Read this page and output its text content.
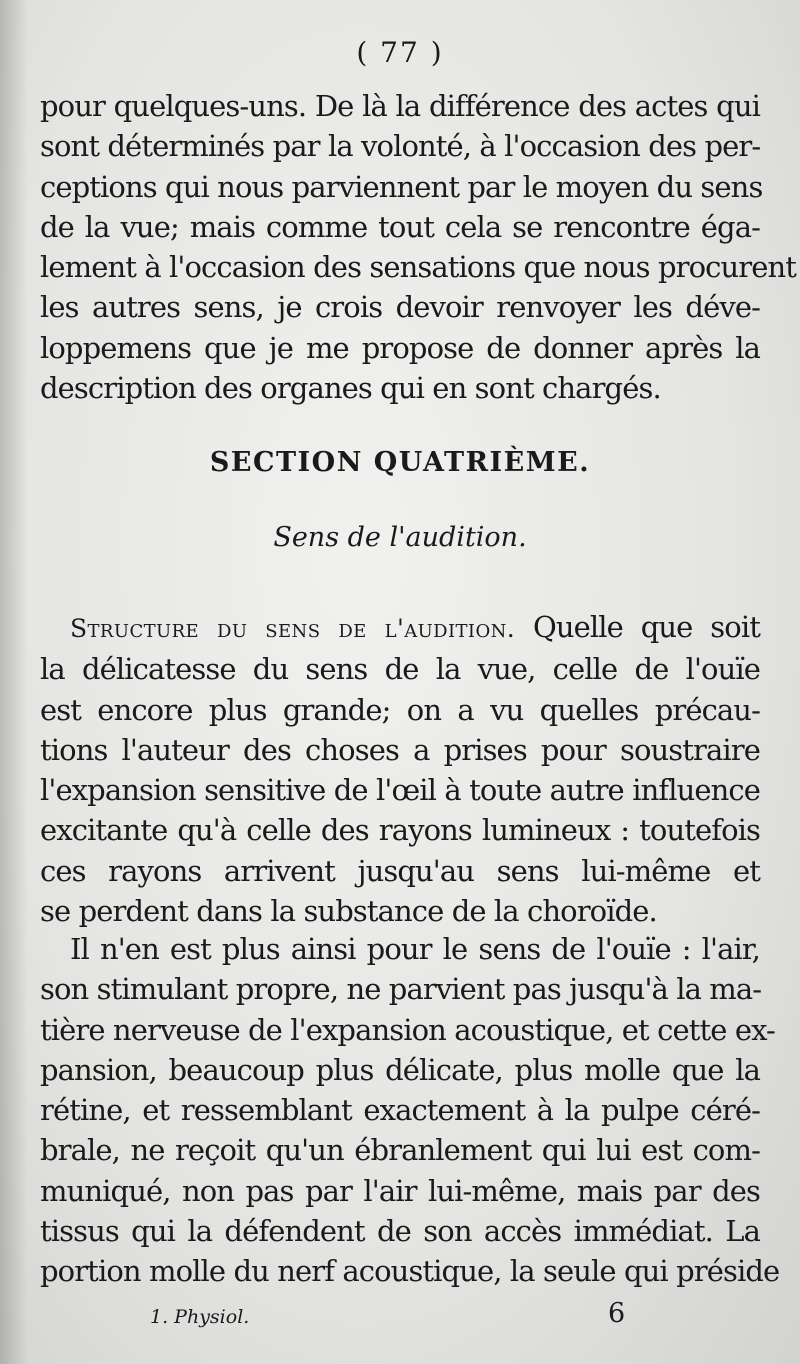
( 77 )
pour quelques-uns. De là la différence des actes qui
sont déterminés par la volonté, à l'occasion des per-
ceptions qui nous parviennent par le moyen du sens
de la vue; mais comme tout cela se rencontre éga-
lement à l'occasion des sensations que nous procurent
les autres sens, je crois devoir renvoyer les déve-
loppemens que je me propose de donner après la
description des organes qui en sont chargés.
SECTION QUATRIÈME.
Sens de l'audition.
Structure du sens de l'audition. Quelle que soit
la délicatesse du sens de la vue, celle de l'ouïe
est encore plus grande; on a vu quelles précau-
tions l'auteur des choses a prises pour soustraire
l'expansion sensitive de l'œil à toute autre influence
excitante qu'à celle des rayons lumineux : toutefois
ces rayons arrivent jusqu'au sens lui-même et
se perdent dans la substance de la choroïde.
Il n'en est plus ainsi pour le sens de l'ouïe : l'air,
son stimulant propre, ne parvient pas jusqu'à la ma-
tière nerveuse de l'expansion acoustique, et cette ex-
pansion, beaucoup plus délicate, plus molle que la
rétine, et ressemblant exactement à la pulpe céré-
brale, ne reçoit qu'un ébranlement qui lui est com-
muniqué, non pas par l'air lui-même, mais par des
tissus qui la défendent de son accès immédiat. La
portion molle du nerf acoustique, la seule qui préside
1. Physiol.	6
